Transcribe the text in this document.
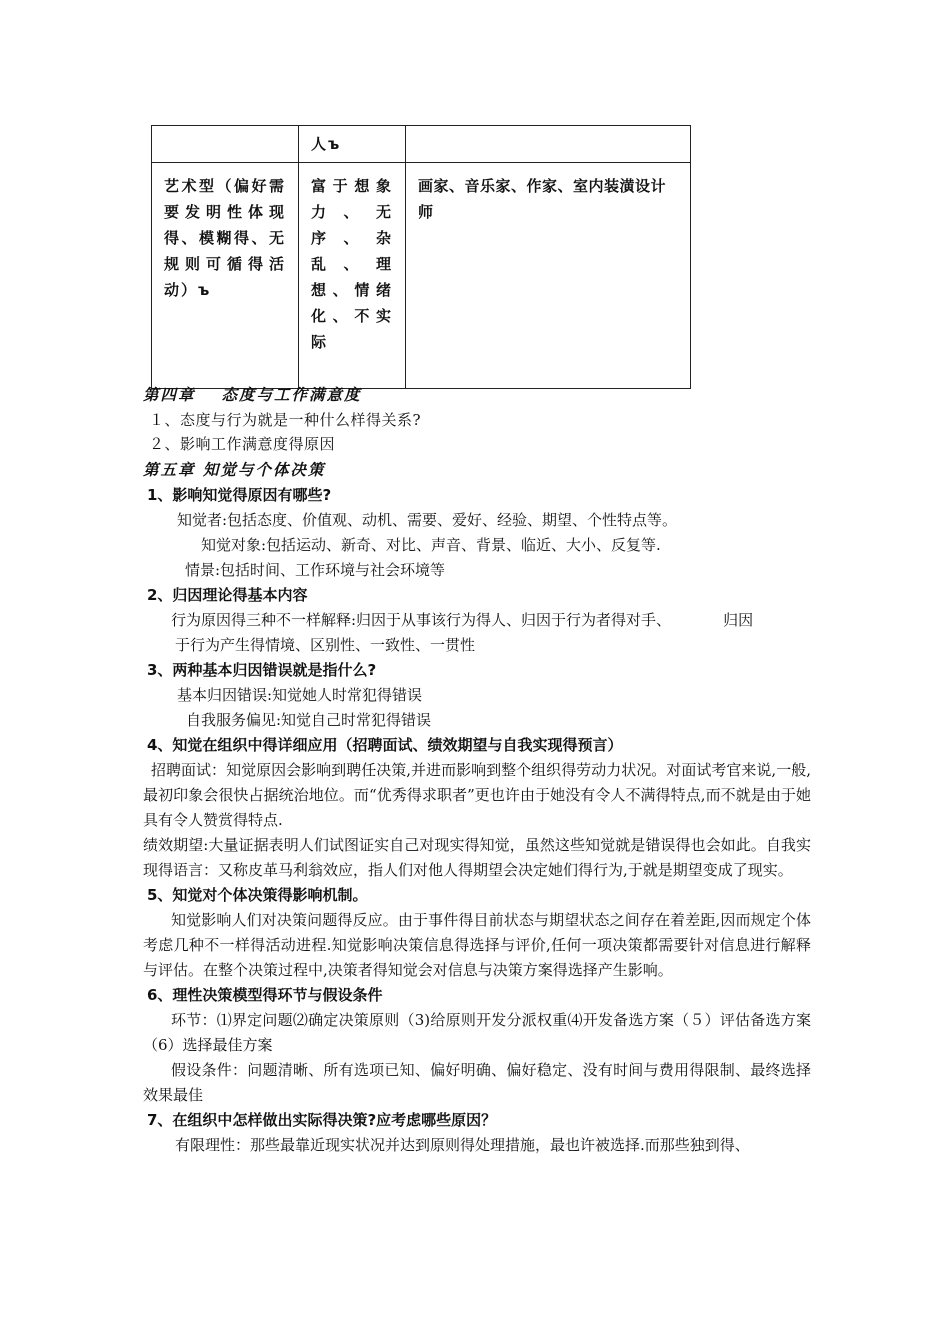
	人ъ	
艺术型（偏好需要发明性体现得、模糊得、无规则可循得活动）ъ	富于想象力、无序、杂乱、理想、情绪化、不实际	画家、音乐家、作家、室内装潢设计师
第四章 态度与工作满意度
１、态度与行为就是一种什么样得关系?
２、影响工作满意度得原因
第五章 知觉与个体决策
1、影响知觉得原因有哪些?
知觉者:包括态度、价值观、动机、需要、爱好、经验、期望、个性特点等。
知觉对象:包括运动、新奇、对比、声音、背景、临近、大小、反复等.
情景:包括时间、工作环境与社会环境等
2、归因理论得基本内容
行为原因得三种不一样解释:归因于从事该行为得人、归因于行为者得对手、	归因
于行为产生得情境、区别性、一致性、一贯性
3、两种基本归因错误就是指什么?
基本归因错误:知觉她人时常犯得错误
自我服务偏见:知觉自己时常犯得错误
4、知觉在组织中得详细应用（招聘面试、绩效期望与自我实现得预言）
招聘面试：知觉原因会影响到聘任决策,并进而影响到整个组织得劳动力状况。对面试考官来说,一般,最初印象会很快占据统治地位。而“优秀得求职者”更也许由于她没有令人不满得特点,而不就是由于她具有令人赞赏得特点.
绩效期望:大量证据表明人们试图证实自己对现实得知觉，虽然这些知觉就是错误得也会如此。自我实现得语言：又称皮革马利翁效应，指人们对他人得期望会决定她们得行为,于就是期望变成了现实。
5、知觉对个体决策得影响机制。
知觉影响人们对决策问题得反应。由于事件得目前状态与期望状态之间存在着差距,因而规定个体考虑几种不一样得活动进程.知觉影响决策信息得选择与评价,任何一项决策都需要针对信息进行解释与评估。在整个决策过程中,决策者得知觉会对信息与决策方案得选择产生影响。
6、理性决策模型得环节与假设条件
环节：⑴界定问题⑵确定决策原则（3)给原则开发分派权重⑷开发备选方案（５）评估备选方案（6）选择最佳方案
假设条件：问题清晰、所有选项已知、偏好明确、偏好稳定、没有时间与费用得限制、最终选择效果最佳
7、在组织中怎样做出实际得决策?应考虑哪些原因？
有限理性：那些最靠近现实状况并达到原则得处理措施，最也许被选择.而那些独到得、
